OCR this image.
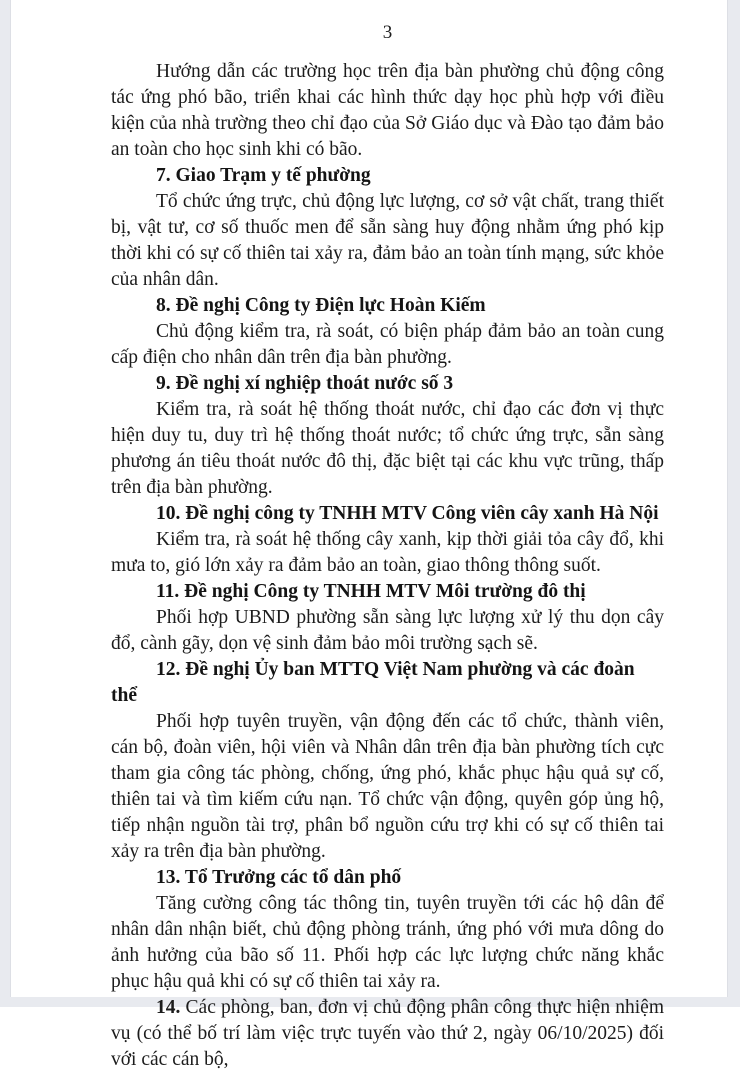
3

Hướng dẫn các trường học trên địa bàn phường chủ động công tác ứng phó bão, triển khai các hình thức dạy học phù hợp với điều kiện của nhà trường theo chỉ đạo của Sở Giáo dục và Đào tạo đảm bảo an toàn cho học sinh khi có bão.

7. Giao Trạm y tế phường

Tổ chức ứng trực, chủ động lực lượng, cơ sở vật chất, trang thiết bị, vật tư, cơ số thuốc men để sẵn sàng huy động nhằm ứng phó kịp thời khi có sự cố thiên tai xảy ra, đảm bảo an toàn tính mạng, sức khỏe của nhân dân.

8. Đề nghị Công ty Điện lực Hoàn Kiếm

Chủ động kiểm tra, rà soát, có biện pháp đảm bảo an toàn cung cấp điện cho nhân dân trên địa bàn phường.

9. Đề nghị xí nghiệp thoát nước số 3

Kiểm tra, rà soát hệ thống thoát nước, chỉ đạo các đơn vị thực hiện duy tu, duy trì hệ thống thoát nước; tổ chức ứng trực, sẵn sàng phương án tiêu thoát nước đô thị, đặc biệt tại các khu vực trũng, thấp trên địa bàn phường.

10. Đề nghị công ty TNHH MTV Công viên cây xanh Hà Nội

Kiểm tra, rà soát hệ thống cây xanh, kịp thời giải tỏa cây đổ, khi mưa to, gió lớn xảy ra đảm bảo an toàn, giao thông thông suốt.

11. Đề nghị Công ty TNHH MTV Môi trường đô thị

Phối hợp UBND phường sẵn sàng lực lượng xử lý thu dọn cây đổ, cành gãy, dọn vệ sinh đảm bảo môi trường sạch sẽ.

12. Đề nghị Ủy ban MTTQ Việt Nam phường và các đoàn thể

Phối hợp tuyên truyền, vận động đến các tổ chức, thành viên, cán bộ, đoàn viên, hội viên và Nhân dân trên địa bàn phường tích cực tham gia công tác phòng, chống, ứng phó, khắc phục hậu quả sự cố, thiên tai và tìm kiếm cứu nạn. Tổ chức vận động, quyên góp ủng hộ, tiếp nhận nguồn tài trợ, phân bổ nguồn cứu trợ khi có sự cố thiên tai xảy ra trên địa bàn phường.

13. Tổ Trưởng các tổ dân phố

Tăng cường công tác thông tin, tuyên truyền tới các hộ dân để nhân dân nhận biết, chủ động phòng tránh, ứng phó với mưa dông do ảnh hưởng của bão số 11. Phối hợp các lực lượng chức năng khắc phục hậu quả khi có sự cố thiên tai xảy ra.

14. Các phòng, ban, đơn vị chủ động phân công thực hiện nhiệm vụ (có thể bố trí làm việc trực tuyến vào thứ 2, ngày 06/10/2025) đối với các cán bộ,
